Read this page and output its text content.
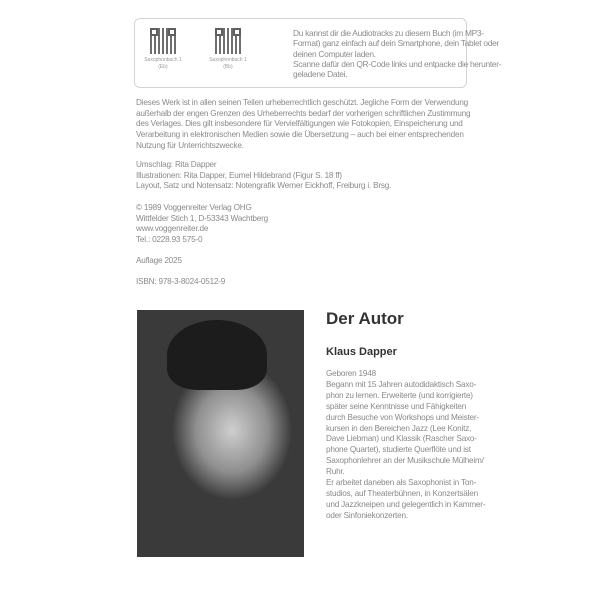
Saxophonbuch 1
(Eb)
Saxophonbuch 1
(Bb)
Du kannst dir die Audiotracks zu diesem Buch (im MP3-
Format) ganz einfach auf dein Smartphone, dein Tablet oder
deinen Computer laden.
Scanne dafür den QR-Code links und entpacke die herunter-
geladene Datei.
Dieses Werk ist in allen seinen Teilen urheberrechtlich geschützt. Jegliche Form der Verwendung
außerhalb der engen Grenzen des Urheberrechts bedarf der vorherigen schriftlichen Zustimmung
des Verlages. Dies gilt insbesondere für Vervielfältigungen wie Fotokopien, Einspeicherung und
Verarbeitung in elektronischen Medien sowie die Übersetzung – auch bei einer entsprechenden
Nutzung für Unterrichtszwecke.
Umschlag: Rita Dapper
Illustrationen: Rita Dapper, Eumel Hildebrand (Figur S. 18 ff)
Layout, Satz und Notensatz: Notengrafik Werner Eickhoff, Freiburg i. Brsg.
© 1989 Voggenreiter Verlag OHG
Wittfelder Stich 1, D-53343 Wachtberg
www.voggenreiter.de
Tel.: 0228.93 575-0
Auflage 2025
ISBN: 978-3-8024-0512-9
Der Autor
Klaus Dapper
Geboren 1948
Begann mit 15 Jahren autodidaktisch Saxo-
phon zu lernen. Erweiterte (und korrigierte)
später seine Kenntnisse und Fähigkeiten
durch Besuche von Workshops und Meister-
kursen in den Bereichen Jazz (Lee Konitz,
Dave Liebman) und Klassik (Rascher Saxo-
phone Quartet), studierte Querflöte und ist
Saxophonlehrer an der Musikschule Mülheim/
Ruhr.
Er arbeitet daneben als Saxophonist in Ton-
studios, auf Theaterbühnen, in Konzertsälen
und Jazzkneipen und gelegentlich in Kammer-
oder Sinfoniekonzerten.
